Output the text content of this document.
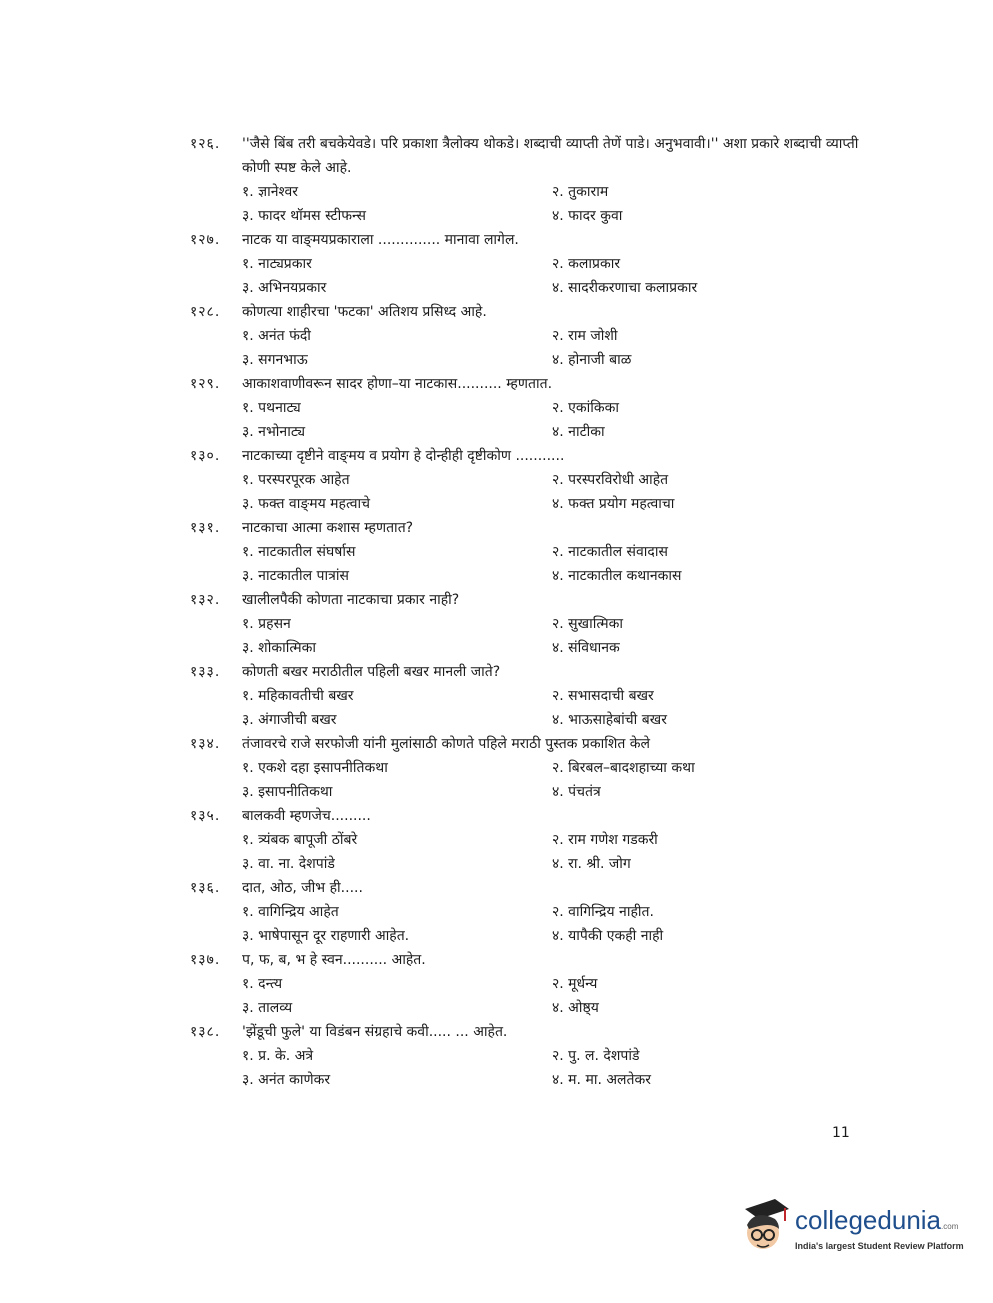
१२६.	''जैसे बिंब तरी बचकेयेवडे। परि प्रकाशा त्रैलोक्य थोकडे। शब्दाची व्याप्ती तेणें पाडे। अनुभवावी।'' अशा प्रकारे शब्दाची व्याप्ती कोणी स्पष्ट केले आहे.
१. ज्ञानेश्वर	२. तुकाराम
३. फादर थॉमस स्टीफन्स	४. फादर कुवा
१२७.	नाटक या वाङ्‌मयप्रकाराला .............. मानावा लागेल.
१. नाट्यप्रकार	२. कलाप्रकार
३. अभिनयप्रकार	४. सादरीकरणाचा कलाप्रकार
१२८.	कोणत्या शाहीरचा 'फटका' अतिशय प्रसिध्द आहे.
१. अनंत फंदी	२. राम जोशी
३. सगनभाऊ	४. होनाजी बाळ
१२९.	आकाशवाणीवरून सादर होणा–या नाटकास.......... म्हणतात.
१. पथनाट्य	२. एकांकिका
३. नभोनाट्य	४. नाटीका
१३०.	नाटकाच्या दृष्टीने वाङ्‌मय व प्रयोग हे दोन्हीही दृष्टीकोण ...........
१. परस्परपूरक आहेत	२. परस्परविरोधी आहेत
३. फक्त वाङ्‌मय महत्वाचे	४. फक्त प्रयोग महत्वाचा
१३१.	नाटकाचा आत्मा कशास म्हणतात?
१. नाटकातील संघर्षास	२. नाटकातील संवादास
३. नाटकातील पात्रांस	४. नाटकातील कथानकास
१३२.	खालीलपैकी कोणता नाटकाचा प्रकार नाही?
१. प्रहसन	२. सुखात्मिका
३. शोकात्मिका	४. संविधानक
१३३.	कोणती बखर मराठीतील पहिली बखर मानली जाते?
१. महिकावतीची बखर	२. सभासदाची बखर
३. अंगाजीची बखर	४. भाऊसाहेबांची बखर
१३४.	तंजावरचे राजे सरफोजी यांनी मुलांसाठी कोणते पहिले मराठी पुस्तक प्रकाशित केले
१. एकशे दहा इसापनीतिकथा	२. बिरबल–बादशहाच्या कथा
३. इसापनीतिकथा	४. पंचतंत्र
१३५.	बालकवी म्हणजेच.........
१. त्र्यंबक बापूजी ठोंबरे	२. राम गणेश गडकरी
३. वा. ना. देशपांडे	४. रा. श्री. जोग
१३६.	दात, ओठ, जीभ ही.....
१. वागिन्द्रिय आहेत	२. वागिन्द्रिय नाहीत.
३. भाषेपासून दूर राहणारी आहेत.	४. यापैकी एकही नाही
१३७.	प, फ, ब, भ हे स्वन.......... आहेत.
१. दन्त्य	२. मूर्धन्य
३. तालव्य	४. ओष्ठ्य
१३८.	'झेंडूची फुले' या विडंबन संग्रहाचे कवी..... ... आहेत.
१. प्र. के. अत्रे	२. पु. ल. देशपांडे
३. अनंत काणेकर	४. म. मा. अलतेकर
11
collegedunia.com
India's largest Student Review Platform
